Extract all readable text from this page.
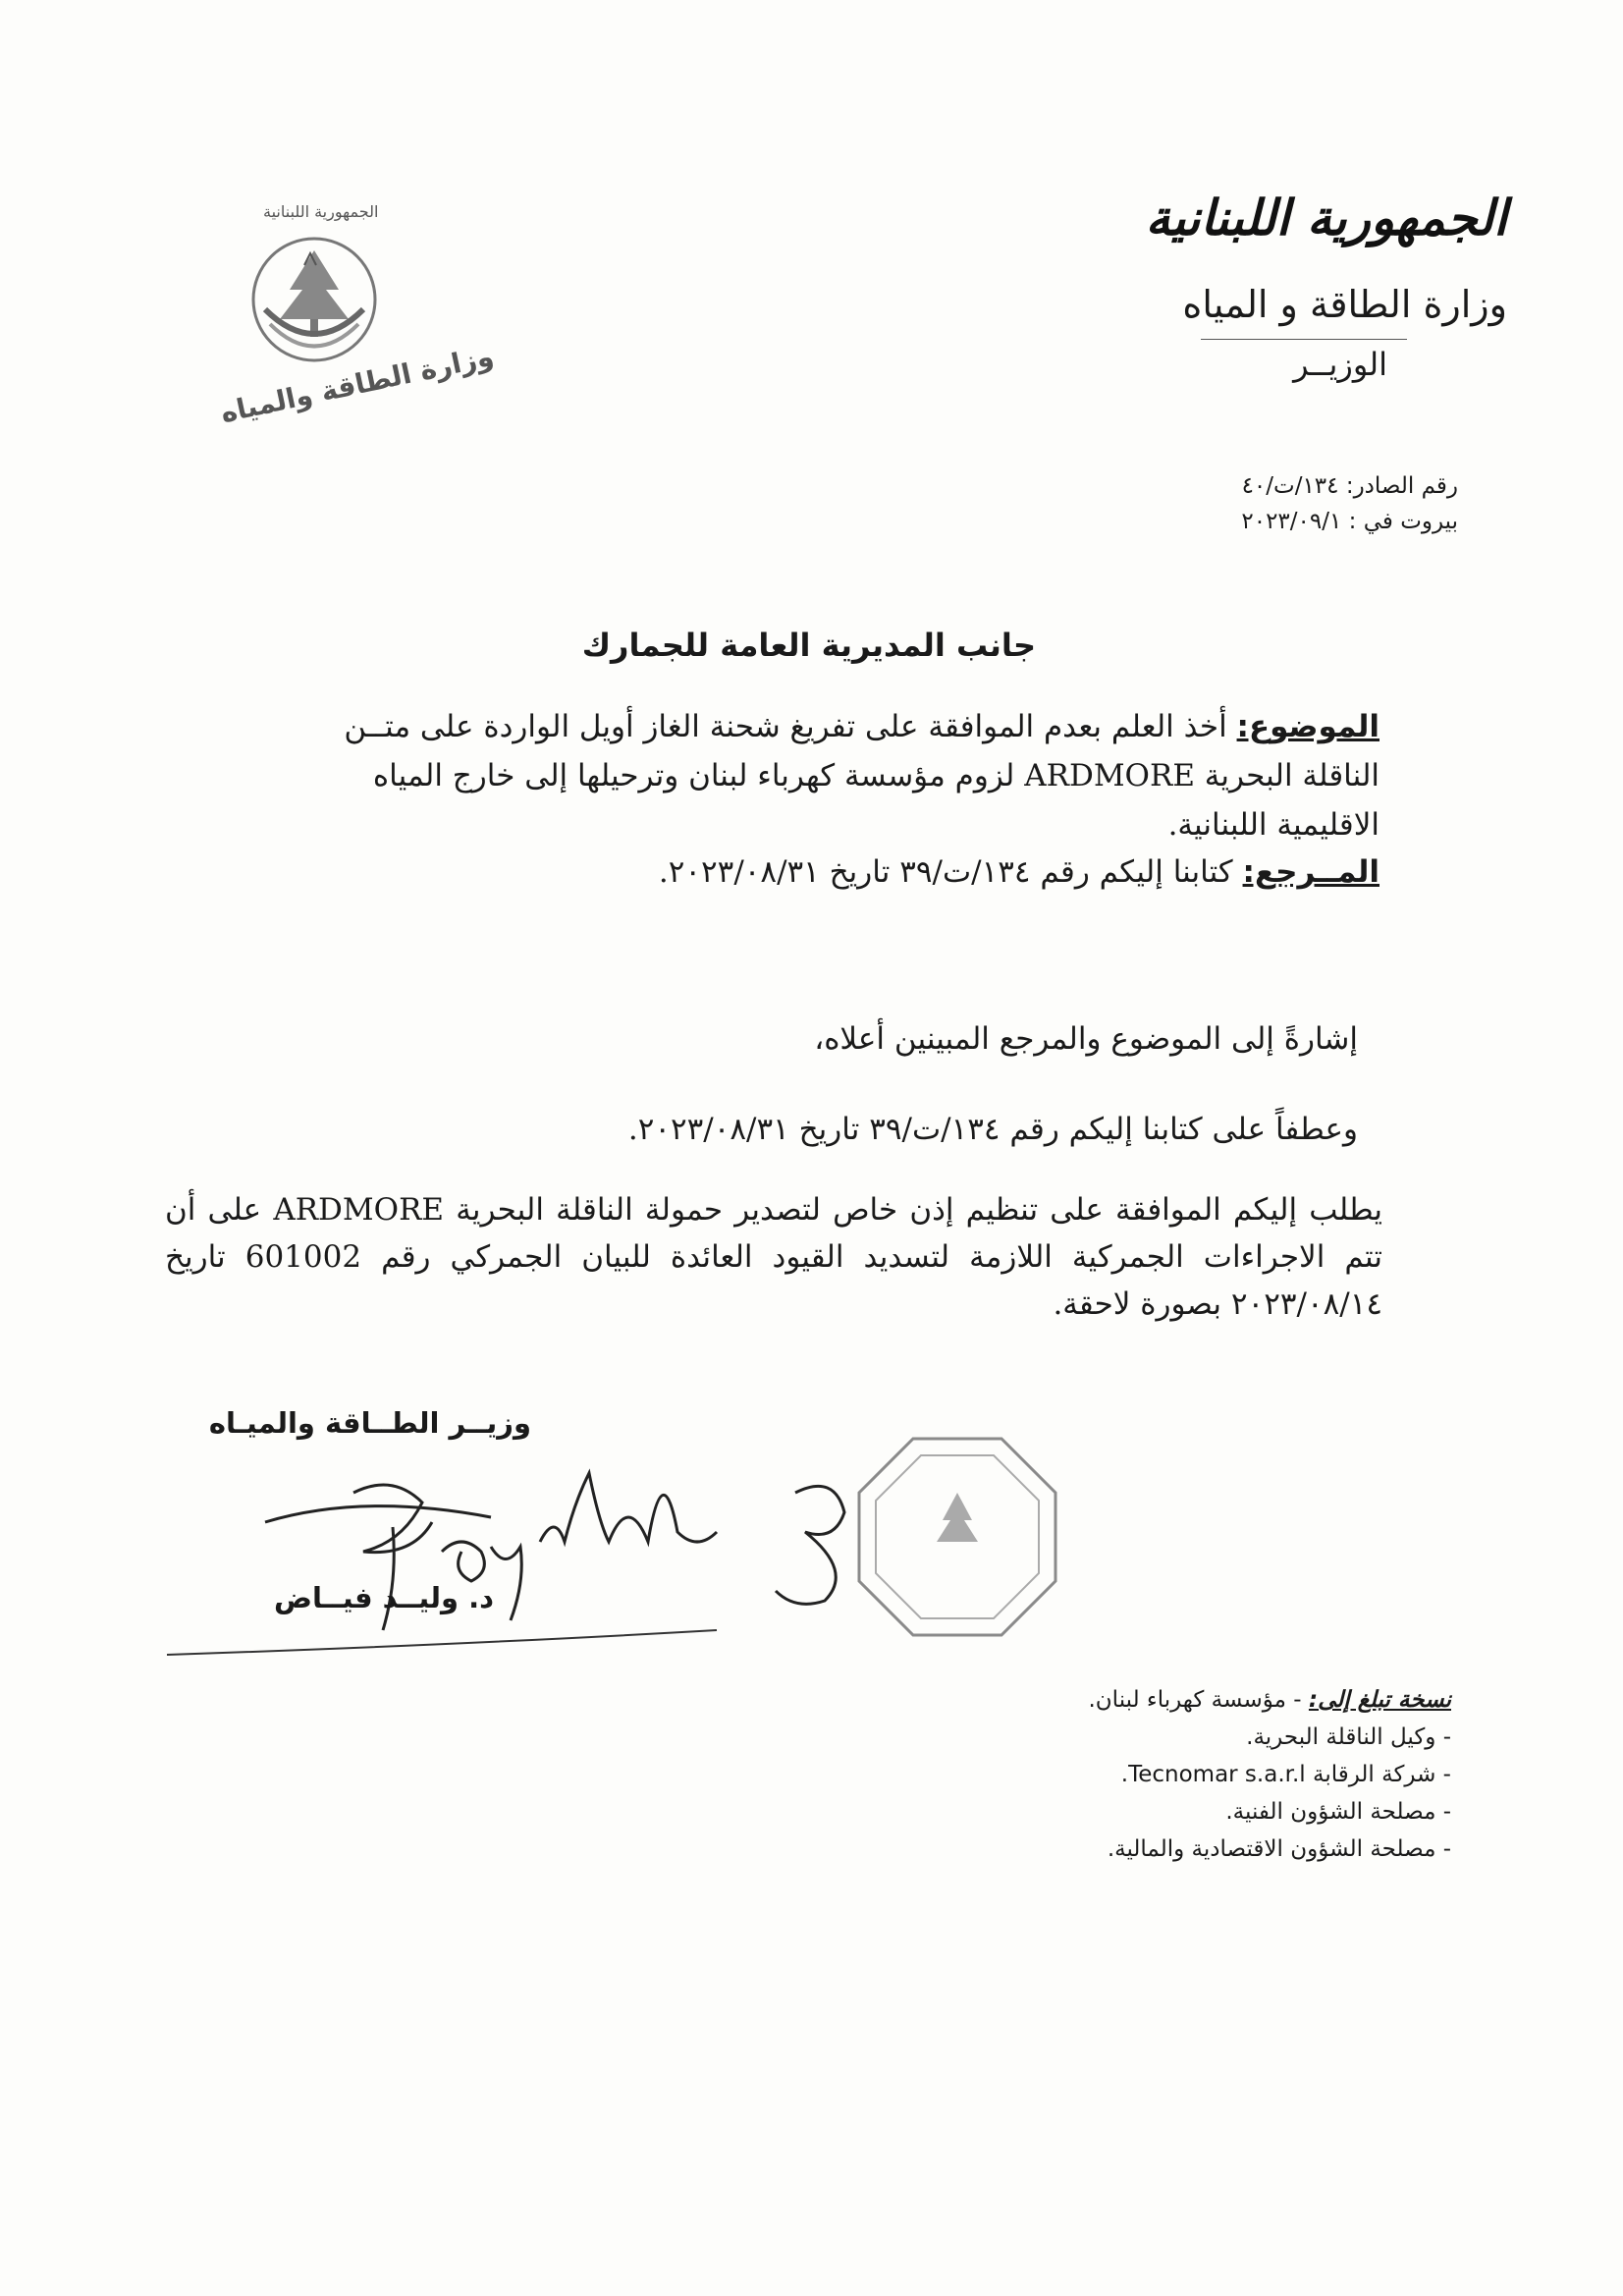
الجمهورية اللبنانية
وزارة الطاقة و المياه
الوزيــر
الجمهورية اللبنانية
وزارة الطاقة والمياه
رقم الصادر: ١٣٤/ت/٤٠
بيروت في : ٢٠٢٣/٠٩/١
جانب المديرية العامة للجمارك
الموضوع: أخذ العلم بعدم الموافقة على تفريغ شحنة الغاز أويل الواردة على متــن الناقلة البحرية ARDMORE لزوم مؤسسة كهرباء لبنان وترحيلها إلى خارج المياه الاقليمية اللبنانية.
المــرجع: كتابنا إليكم رقم ١٣٤/ت/٣٩ تاريخ ٢٠٢٣/٠٨/٣١.
إشارةً إلى الموضوع والمرجع المبينين أعلاه،
وعطفاً على كتابنا إليكم رقم ١٣٤/ت/٣٩ تاريخ ٢٠٢٣/٠٨/٣١.
يطلب إليكم الموافقة على تنظيم إذن خاص لتصدير حمولة الناقلة البحرية ARDMORE على أن تتم الاجراءات الجمركية اللازمة لتسديد القيود العائدة للبيان الجمركي رقم 601002 تاريخ ٢٠٢٣/٠٨/١٤ بصورة لاحقة.
وزيــر الطــاقة والميـاه
د. وليــد فيــاض
نسخة تبلغ إلى: - مؤسسة كهرباء لبنان.
- وكيل الناقلة البحرية.
- شركة الرقابة Tecnomar s.a.r.l.
- مصلحة الشؤون الفنية.
- مصلحة الشؤون الاقتصادية والمالية.
